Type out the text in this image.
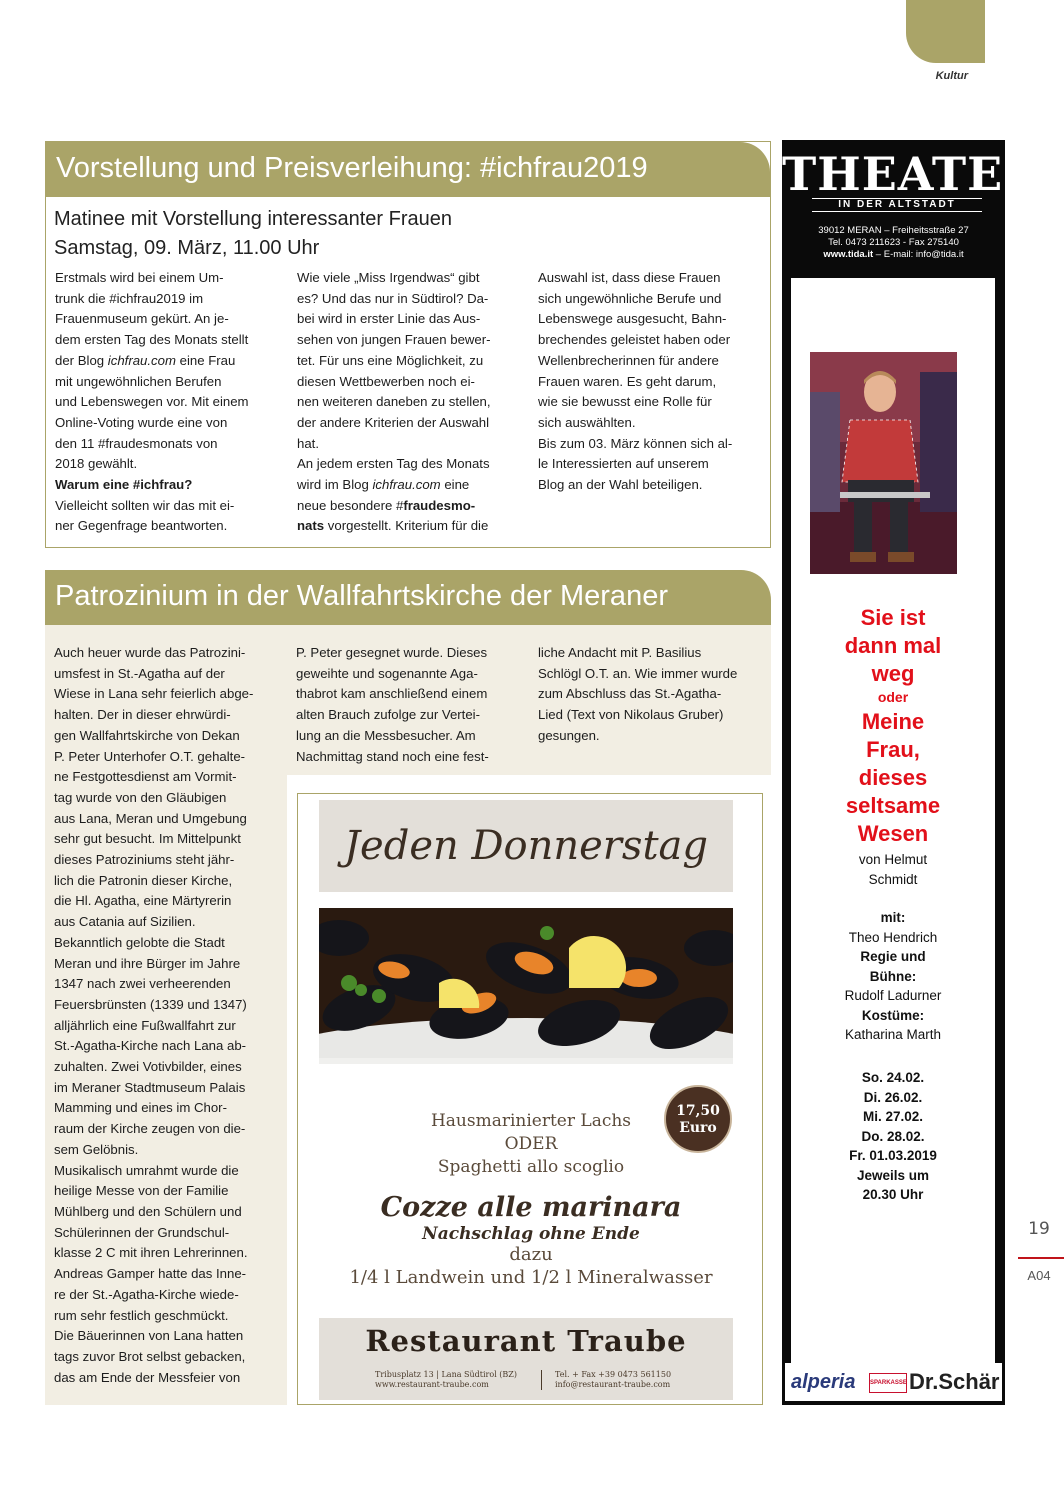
Kultur
Vorstellung und Preisverleihung: #ichfrau2019
Matinee mit Vorstellung interessanter Frauen
Samstag, 09. März, 11.00 Uhr

Erstmals wird bei einem Um-

trunk die #ichfrau2019 im

Frauenmuseum gekürt. An je-

dem ersten Tag des Monats stellt

der Blog ichfrau.com eine Frau

mit ungewöhnlichen Berufen

und Lebenswegen vor. Mit einem

Online-Voting wurde eine von

den 11 #fraudesmonats von

2018 gewählt.

Warum eine #ichfrau?

Vielleicht sollten wir das mit ei-

ner Gegenfrage beantworten.

Wie viele „Miss Irgendwas“ gibt

es? Und das nur in Südtirol? Da-

bei wird in erster Linie das Aus-

sehen von jungen Frauen bewer-

tet. Für uns eine Möglichkeit, zu

diesen Wettbewerben noch ei-

nen weiteren daneben zu stellen,

der andere Kriterien der Auswahl

hat.

An jedem ersten Tag des Monats

wird im Blog ichfrau.com eine

neue besondere #fraudesmo-

nats vorgestellt. Kriterium für die

Auswahl ist, dass diese Frauen

sich ungewöhnliche Berufe und

Lebenswege ausgesucht, Bahn-

brechendes geleistet haben oder

Wellenbrecherinnen für andere

Frauen waren. Es geht darum,

wie sie bewusst eine Rolle für

sich auswählten.

Bis zum 03. März können sich al-

le Interessierten auf unserem

Blog an der Wahl beteiligen.

Patrozinium in der Wallfahrtskirche der Meraner

Auch heuer wurde das Patrozini-

umsfest in St.-Agatha auf der

Wiese in Lana sehr feierlich abge-

halten. Der in dieser ehrwürdi-

gen Wallfahrtskirche von Dekan

P. Peter Unterhofer O.T. gehalte-

ne Festgottesdienst am Vormit-

tag wurde von den Gläubigen

aus Lana, Meran und Umgebung

sehr gut besucht. Im Mittelpunkt

dieses Patroziniums steht jähr-

lich die Patronin dieser Kirche,

die Hl. Agatha, eine Märtyrerin

aus Catania auf Sizilien.

Bekanntlich gelobte die Stadt

Meran und ihre Bürger im Jahre

1347 nach zwei verheerenden

Feuersbrünsten (1339 und 1347)

alljährlich eine Fußwallfahrt zur

St.-Agatha-Kirche nach Lana ab-

zuhalten. Zwei Votivbilder, eines

im Meraner Stadtmuseum Palais

Mamming und eines im Chor-

raum der Kirche zeugen von die-

sem Gelöbnis.

Musikalisch umrahmt wurde die

heilige Messe von der Familie

Mühlberg und den Schülern und

Schülerinnen der Grundschul-

klasse 2 C mit ihren Lehrerinnen.

Andreas Gamper hatte das Inne-

re der St.-Agatha-Kirche wiede-

rum sehr festlich geschmückt.

Die Bäuerinnen von Lana hatten

tags zuvor Brot selbst gebacken,

das am Ende der Messfeier von

P. Peter gesegnet wurde. Dieses

geweihte und sogenannte Aga-

thabrot kam anschließend einem

alten Brauch zufolge zur Vertei-

lung an die Messbesucher. Am

Nachmittag stand noch eine fest-

liche Andacht mit P. Basilius

Schlögl O.T. an. Wie immer wurde

zum Abschluss das St.-Agatha-

Lied (Text von Nikolaus Gruber)

gesungen.

Jeden Donnerstag
17,50
Euro
Hausmarinierter Lachs
ODER
Spaghetti allo scoglio
Cozze alle marinara
Nachschlag ohne Ende
dazu
1/4 l Landwein und 1/2 l Mineralwasser
Restaurant Traube
Tribusplatz 13 | Lana Südtirol (BZ)
www.restaurant-traube.com
Tel. + Fax +39 0473 561150
info@restaurant-traube.com
THEATER
IN DER ALTSTADT
39012 MERAN – Freiheitsstraße 27
Tel. 0473 211623 - Fax 275140
www.tida.it – E-mail: info@tida.it
Sie ist
dann mal
weg
oder
Meine
Frau,
dieses
seltsame
Wesen
von Helmut
Schmidt
mit:
Theo Hendrich
Regie und
Bühne:
Rudolf Ladurner
Kostüme:
Katharina Marth
So. 24.02.
Di. 26.02.
Mi. 27.02.
Do. 28.02.
Fr. 01.03.2019
Jeweils um
20.30 Uhr
alperia SPARKASSE Dr.Schär
19
A04
